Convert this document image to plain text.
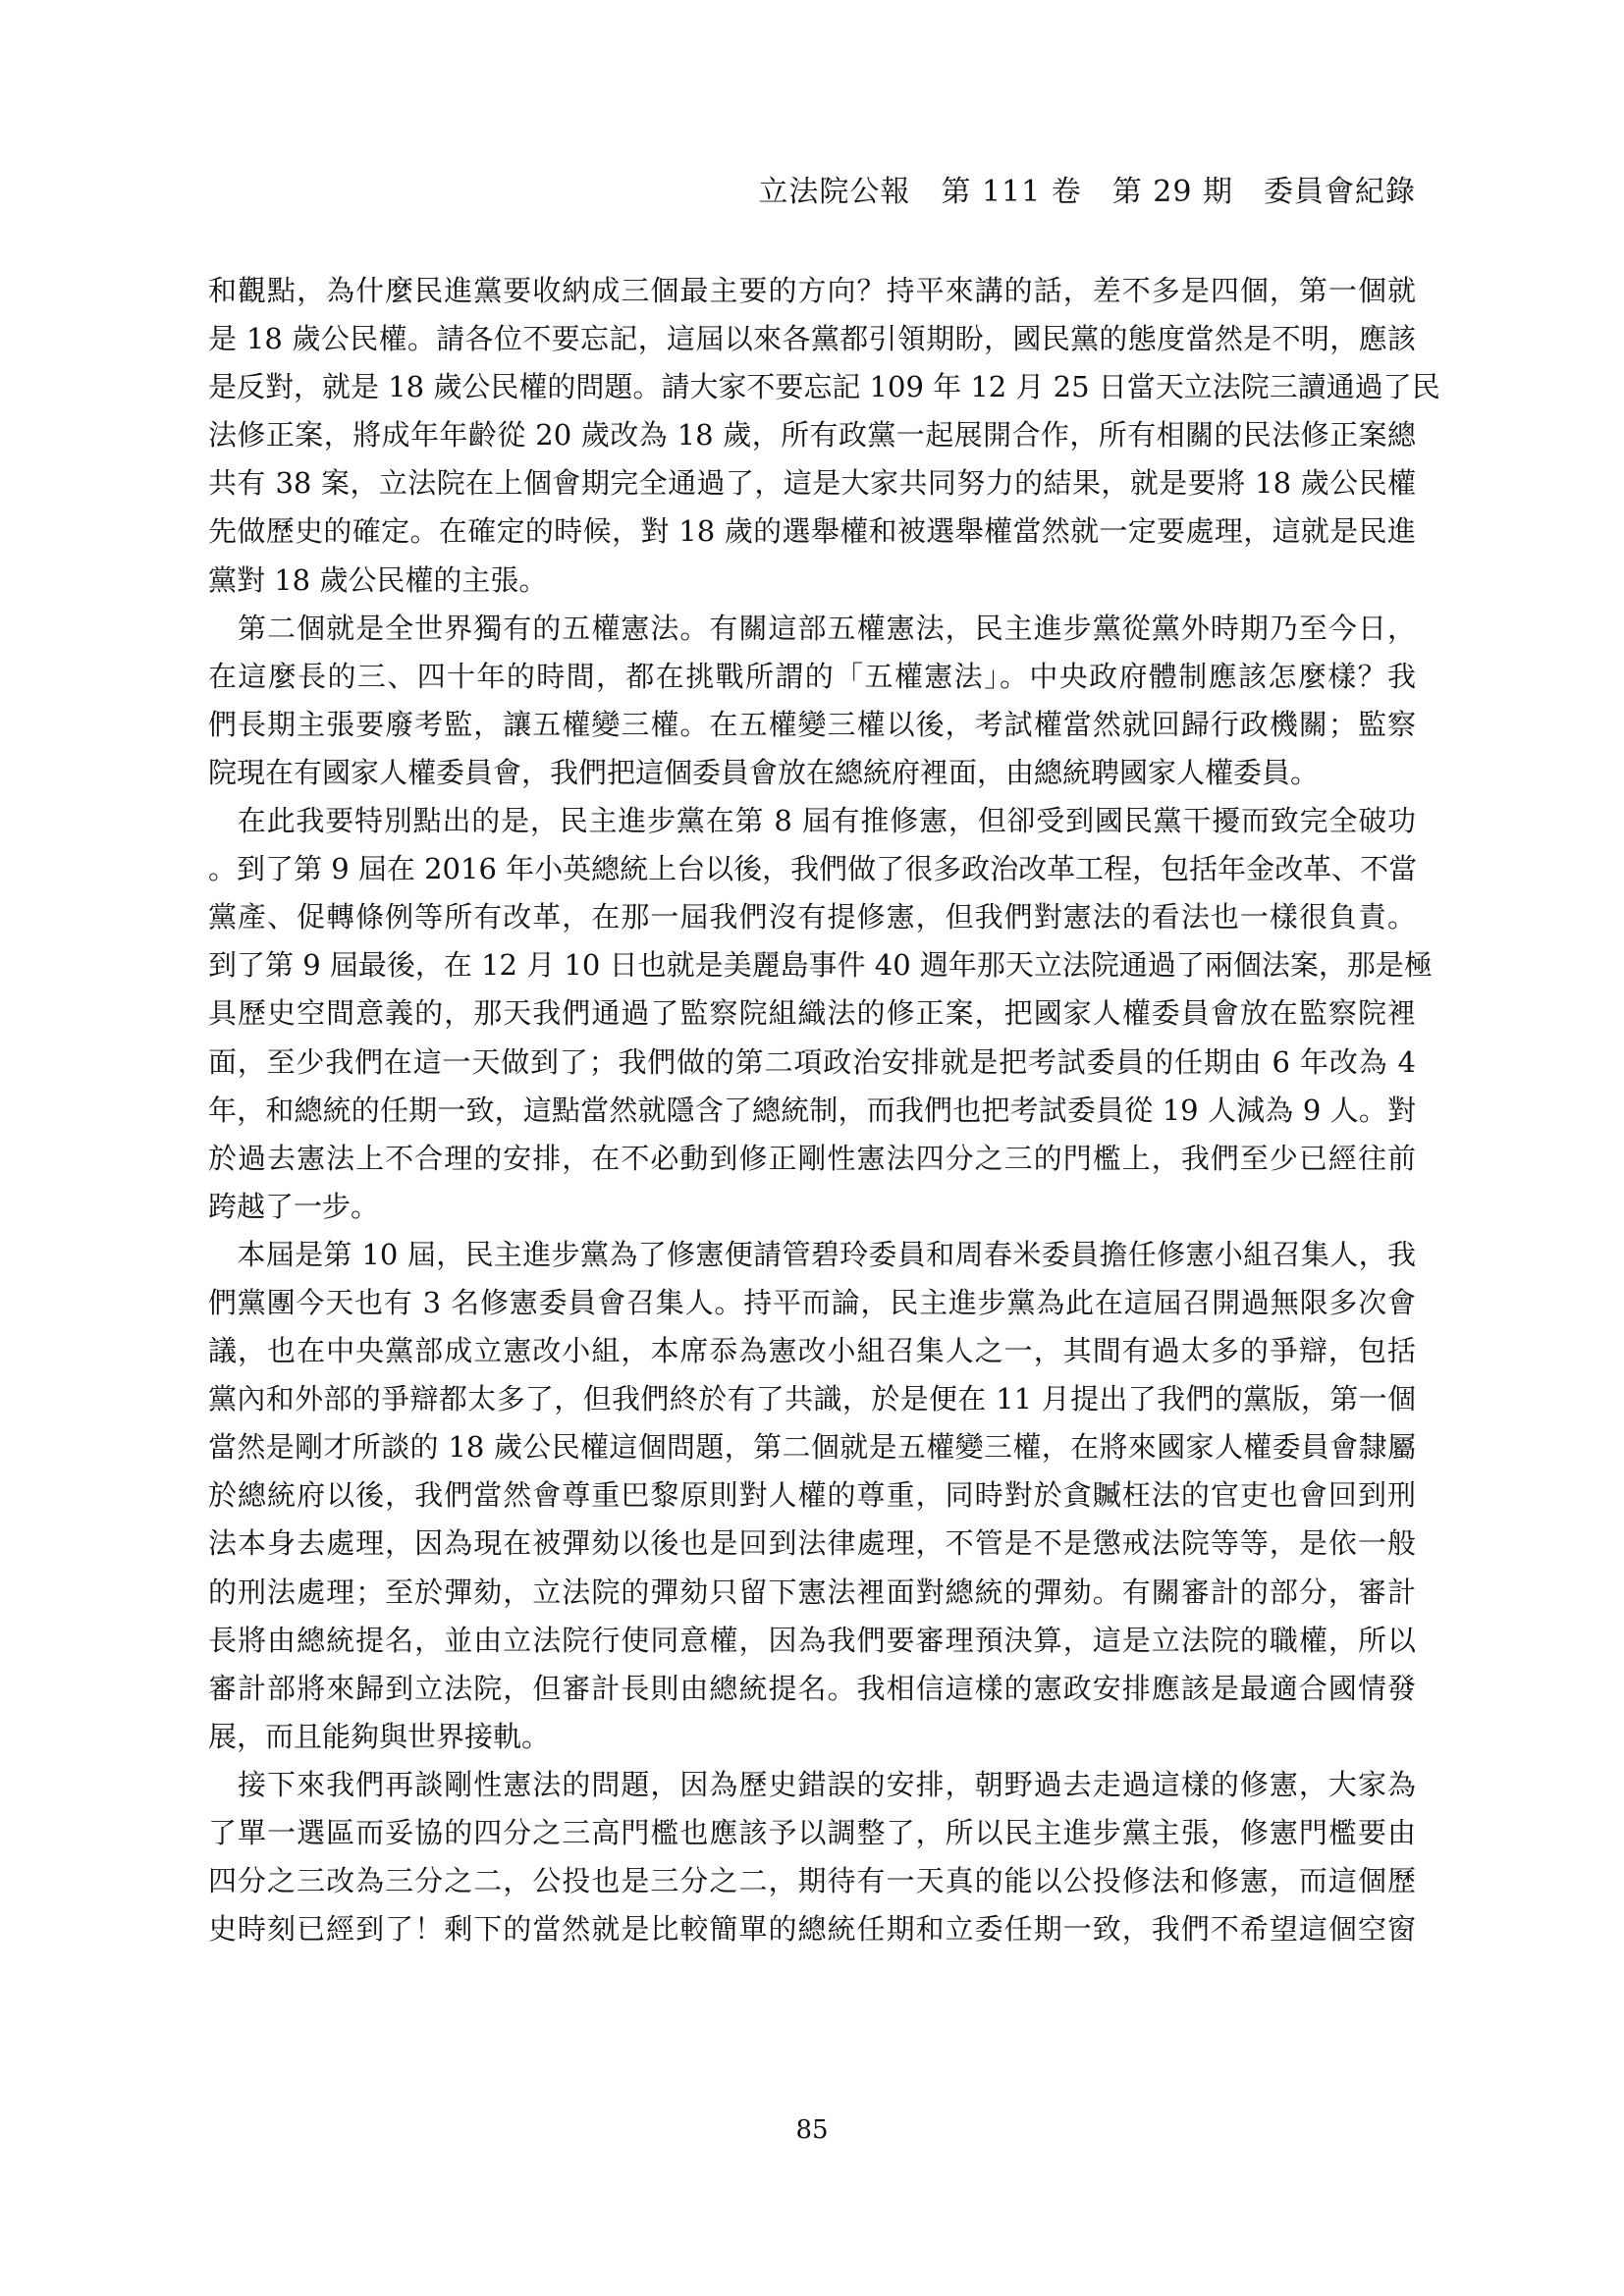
立法院公報　第 111 卷　第 29 期　委員會紀錄
和觀點，為什麼民進黨要收納成三個最主要的方向？持平來講的話，差不多是四個，第一個就
是 18 歲公民權。請各位不要忘記，這屆以來各黨都引領期盼，國民黨的態度當然是不明，應該
是反對，就是 18 歲公民權的問題。請大家不要忘記 109 年 12 月 25 日當天立法院三讀通過了民
法修正案，將成年年齡從 20 歲改為 18 歲，所有政黨一起展開合作，所有相關的民法修正案總
共有 38 案，立法院在上個會期完全通過了，這是大家共同努力的結果，就是要將 18 歲公民權
先做歷史的確定。在確定的時候，對 18 歲的選舉權和被選舉權當然就一定要處理，這就是民進
黨對 18 歲公民權的主張。
　第二個就是全世界獨有的五權憲法。有關這部五權憲法，民主進步黨從黨外時期乃至今日，
在這麼長的三、四十年的時間，都在挑戰所謂的「五權憲法」。中央政府體制應該怎麼樣？我
們長期主張要廢考監，讓五權變三權。在五權變三權以後，考試權當然就回歸行政機關；監察
院現在有國家人權委員會，我們把這個委員會放在總統府裡面，由總統聘國家人權委員。
　在此我要特別點出的是，民主進步黨在第 8 屆有推修憲，但卻受到國民黨干擾而致完全破功
。到了第 9 屆在 2016 年小英總統上台以後，我們做了很多政治改革工程，包括年金改革、不當
黨產、促轉條例等所有改革，在那一屆我們沒有提修憲，但我們對憲法的看法也一樣很負責。
到了第 9 屆最後，在 12 月 10 日也就是美麗島事件 40 週年那天立法院通過了兩個法案，那是極
具歷史空間意義的，那天我們通過了監察院組織法的修正案，把國家人權委員會放在監察院裡
面，至少我們在這一天做到了；我們做的第二項政治安排就是把考試委員的任期由 6 年改為 4
年，和總統的任期一致，這點當然就隱含了總統制，而我們也把考試委員從 19 人減為 9 人。對
於過去憲法上不合理的安排，在不必動到修正剛性憲法四分之三的門檻上，我們至少已經往前
跨越了一步。
　本屆是第 10 屆，民主進步黨為了修憲便請管碧玲委員和周春米委員擔任修憲小組召集人，我
們黨團今天也有 3 名修憲委員會召集人。持平而論，民主進步黨為此在這屆召開過無限多次會
議，也在中央黨部成立憲改小組，本席忝為憲改小組召集人之一，其間有過太多的爭辯，包括
黨內和外部的爭辯都太多了，但我們終於有了共識，於是便在 11 月提出了我們的黨版，第一個
當然是剛才所談的 18 歲公民權這個問題，第二個就是五權變三權，在將來國家人權委員會隸屬
於總統府以後，我們當然會尊重巴黎原則對人權的尊重，同時對於貪贓枉法的官吏也會回到刑
法本身去處理，因為現在被彈劾以後也是回到法律處理，不管是不是懲戒法院等等，是依一般
的刑法處理；至於彈劾，立法院的彈劾只留下憲法裡面對總統的彈劾。有關審計的部分，審計
長將由總統提名，並由立法院行使同意權，因為我們要審理預決算，這是立法院的職權，所以
審計部將來歸到立法院，但審計長則由總統提名。我相信這樣的憲政安排應該是最適合國情發
展，而且能夠與世界接軌。
　接下來我們再談剛性憲法的問題，因為歷史錯誤的安排，朝野過去走過這樣的修憲，大家為
了單一選區而妥協的四分之三高門檻也應該予以調整了，所以民主進步黨主張，修憲門檻要由
四分之三改為三分之二，公投也是三分之二，期待有一天真的能以公投修法和修憲，而這個歷
史時刻已經到了！剩下的當然就是比較簡單的總統任期和立委任期一致，我們不希望這個空窗
85
